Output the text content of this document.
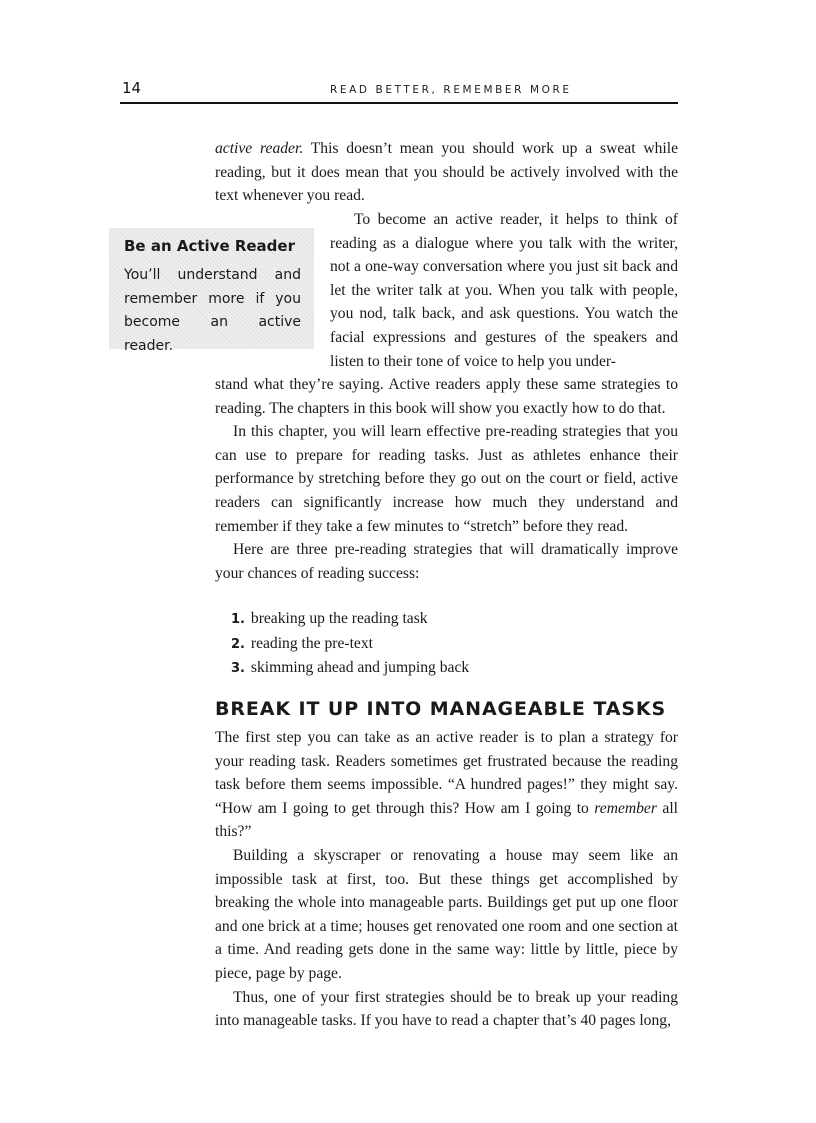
14	READ BETTER, REMEMBER MORE

active reader. This doesn’t mean you should work up a sweat while reading, but it does mean that you should be actively involved with the text whenever you read.

Be an Active Reader
You’ll understand and remember more if you become an active reader.

To become an active reader, it helps to think of reading as a dialogue where you talk with the writer, not a one-way conversation where you just sit back and let the writer talk at you. When you talk with people, you nod, talk back, and ask questions. You watch the facial expressions and gestures of the speakers and listen to their tone of voice to help you under-

stand what they’re saying. Active readers apply these same strategies to reading. The chapters in this book will show you exactly how to do that.

In this chapter, you will learn effective pre-reading strategies that you can use to prepare for reading tasks. Just as athletes enhance their performance by stretching before they go out on the court or field, active readers can significantly increase how much they understand and remember if they take a few minutes to “stretch” before they read.

Here are three pre-reading strategies that will dramatically improve your chances of reading success:

1. breaking up the reading task
2. reading the pre-text
3. skimming ahead and jumping back
BREAK IT UP INTO MANAGEABLE TASKS

The first step you can take as an active reader is to plan a strategy for your reading task. Readers sometimes get frustrated because the reading task before them seems impossible. “A hundred pages!” they might say. “How am I going to get through this? How am I going to remember all this?”

Building a skyscraper or renovating a house may seem like an impossible task at first, too. But these things get accomplished by breaking the whole into manageable parts. Buildings get put up one floor and one brick at a time; houses get renovated one room and one section at a time. And reading gets done in the same way: little by little, piece by piece, page by page.

Thus, one of your first strategies should be to break up your reading into manageable tasks. If you have to read a chapter that’s 40 pages long,
